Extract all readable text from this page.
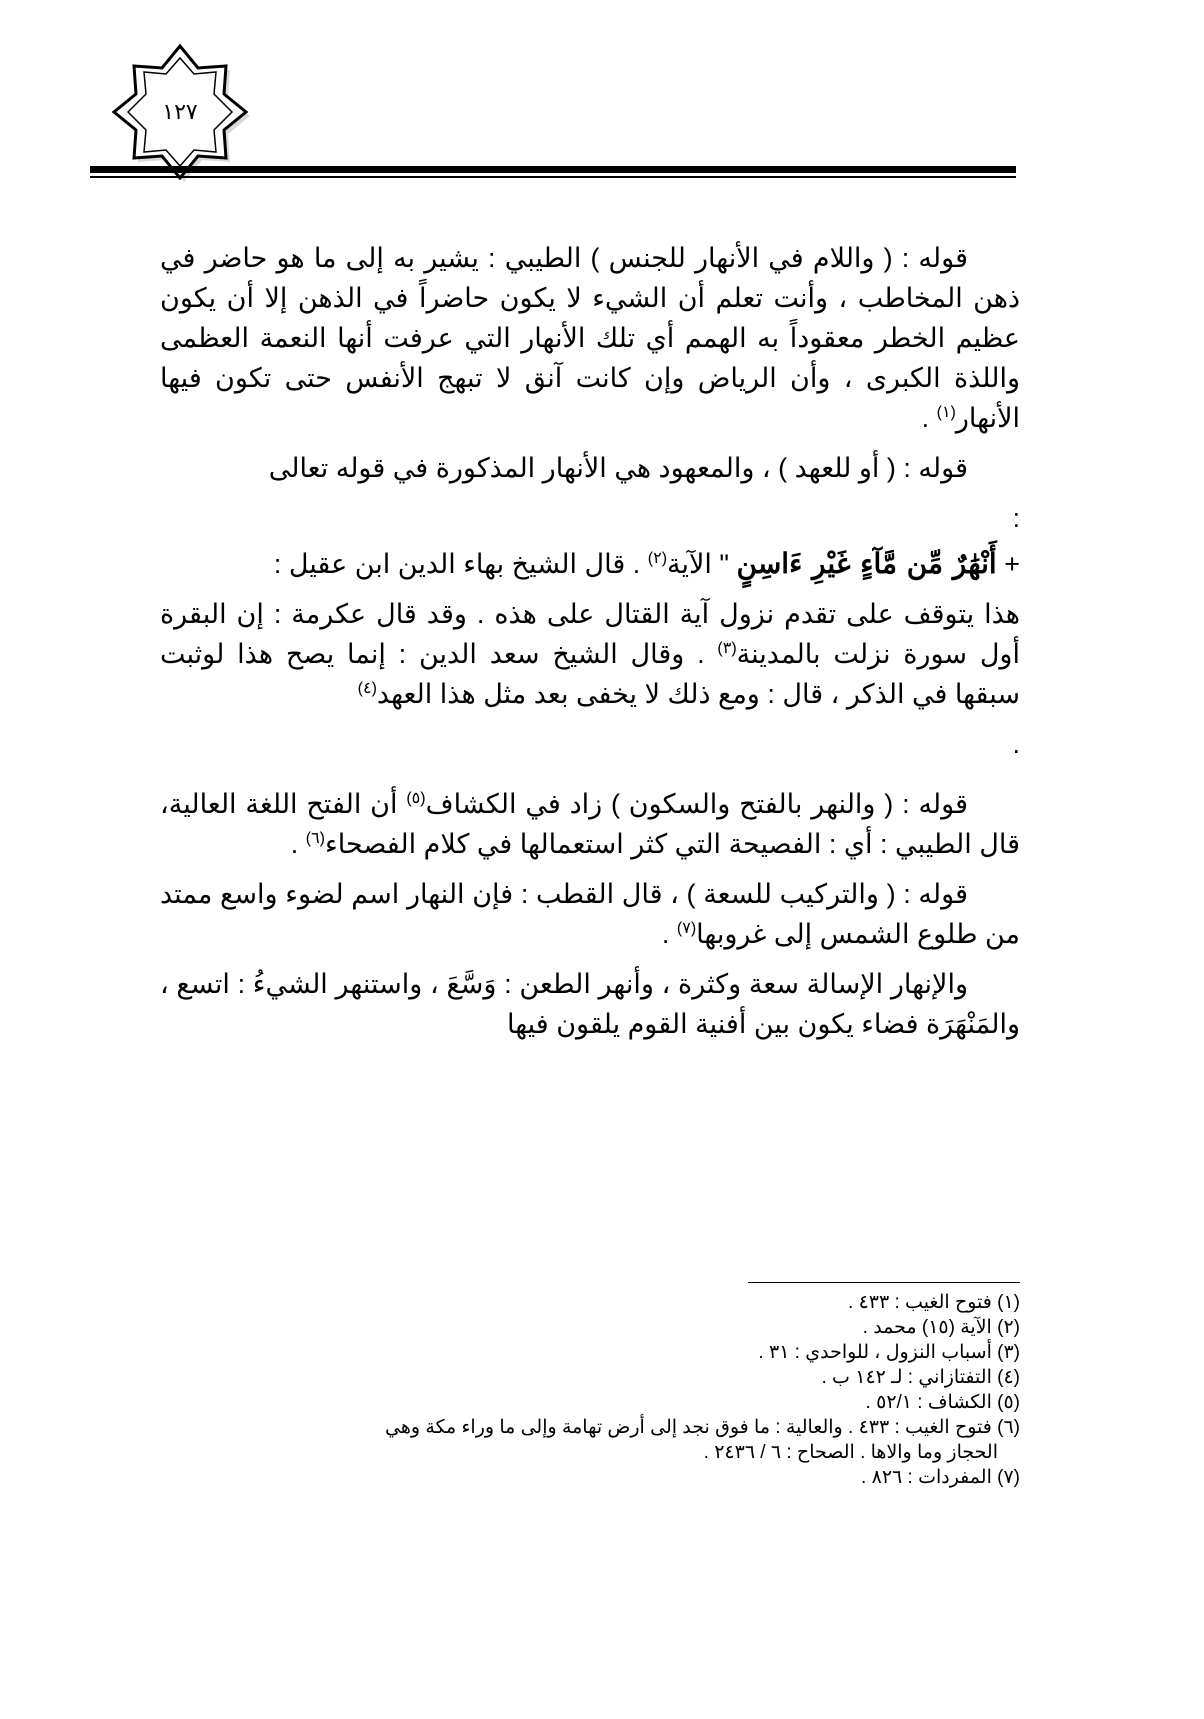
١٢٧

قوله : ( واللام في الأنهار للجنس ) الطيبي : يشير به إلى ما هو حاضر في ذهن المخاطب ، وأنت تعلم أن الشيء لا يكون حاضراً في الذهن إلا أن يكون عظيم الخطر معقوداً به الهمم أي تلك الأنهار التي عرفت أنها النعمة العظمى واللذة الكبرى ، وأن الرياض وإن كانت آنق لا تبهج الأنفس حتى تكون فيها الأنهار$^{(١)}$ .

قوله : ( أو للعهد ) ، والمعهود هي الأنهار المذكورة في قوله تعالى

:

+ أَنْهَٰرٌ مِّن مَّآءٍ غَيْرِ ءَاسِنٍ " الآية$^{(٢)}$ . قال الشيخ بهاء الدين ابن عقيل :

هذا يتوقف على تقدم نزول آية القتال على هذه . وقد قال عكرمة : إن البقرة أول سورة نزلت بالمدينة$^{(٣)}$ . وقال الشيخ سعد الدين : إنما يصح هذا لوثبت سبقها في الذكر ، قال : ومع ذلك لا يخفى بعد مثل هذا العهد$^{(٤)}$

.

قوله : ( والنهر بالفتح والسكون ) زاد في الكشاف$^{(٥)}$ أن الفتح اللغة العالية، قال الطيبي : أي : الفصيحة التي كثر استعمالها في كلام الفصحاء$^{(٦)}$ .

قوله : ( والتركيب للسعة ) ، قال القطب : فإن النهار اسم لضوء واسع ممتد من طلوع الشمس إلى غروبها$^{(٧)}$ .

والإنهار الإسالة سعة وكثرة ، وأنهر الطعن : وَسَّعَ ، واستنهر الشيءُ : اتسع ، والمَنْهَرَة فضاء يكون بين أفنية القوم يلقون فيها

(١) فتوح الغيب : ٤٣٣ .

(٢) الآية (١٥) محمد .

(٣) أسباب النزول ، للواحدي : ٣١ .

(٤) التفتازاني : لـ ١٤٢ ب .

(٥) الكشاف : ٥٢/١ .

(٦) فتوح الغيب : ٤٣٣ . والعالية : ما فوق نجد إلى أرض تهامة وإلى ما وراء مكة وهي

الحجاز وما والاها . الصحاح : ٦ / ٢٤٣٦ .

(٧) المفردات : ٨٢٦ .
